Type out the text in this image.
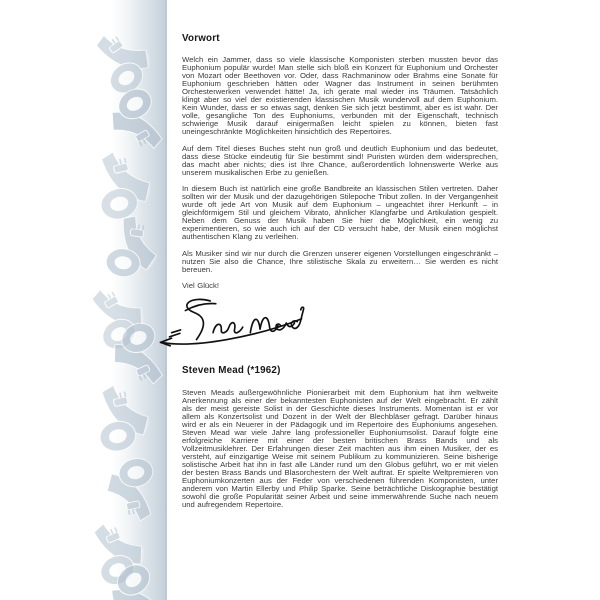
Vorwort

Welch ein Jammer, dass so viele klassische Komponisten sterben mussten bevor das Euphonium populär wurde! Man stelle sich bloß ein Konzert für Euphonium und Orchester von Mozart oder Beethoven vor. Oder, dass Rachmaninow oder Brahms eine Sonate für Euphonium geschrieben hätten oder Wagner das Instrument in seinen berühmten Orchesterwerken verwendet hätte! Ja, ich gerate mal wieder ins Träumen. Tatsächlich klingt aber so viel der existierenden klassischen Musik wundervoll auf dem Euphonium. Kein Wunder, dass er so etwas sagt, denken Sie sich jetzt bestimmt, aber es ist wahr. Der volle, gesangliche Ton des Euphoniums, verbunden mit der Eigenschaft, technisch schwierige Musik darauf einigermaßen leicht spielen zu können, bieten fast uneingeschränkte Möglichkeiten hinsichtlich des Repertoires.

Auf dem Titel dieses Buches steht nun groß und deutlich Euphonium und das bedeutet, dass diese Stücke eindeutig für Sie bestimmt sind! Puristen würden dem widersprechen, das macht aber nichts; dies ist Ihre Chance, außerordentlich lohnenswerte Werke aus unserem musikalischen Erbe zu genießen.

In diesem Buch ist natürlich eine große Bandbreite an klassischen Stilen vertreten. Daher sollten wir der Musik und der dazugehörigen Stilepoche Tribut zollen. In der Vergangenheit wurde oft jede Art von Musik auf dem Euphonium – ungeachtet ihrer Herkunft – in gleichförmigem Stil und gleichem Vibrato, ähnlicher Klangfarbe und Artikulation gespielt. Neben dem Genuss der Musik haben Sie hier die Möglichkeit, ein wenig zu experimentieren, so wie auch ich auf der CD versucht habe, der Musik einen möglichst authentischen Klang zu verleihen.

Als Musiker sind wir nur durch die Grenzen unserer eigenen Vorstellungen eingeschränkt – nutzen Sie also die Chance, Ihre stilistische Skala zu erweitern… Sie werden es nicht bereuen.

Viel Glück!

Steven Mead (*1962)

Steven Meads außergewöhnliche Pionierarbeit mit dem Euphonium hat ihm weltweite Anerkennung als einer der bekanntesten Euphonisten auf der Welt eingebracht. Er zählt als der meist gereiste Solist in der Geschichte dieses Instruments. Momentan ist er vor allem als Konzertsolist und Dozent in der Welt der Blechbläser gefragt. Darüber hinaus wird er als ein Neuerer in der Pädagogik und im Repertoire des Euphoniums angesehen. Steven Mead war viele Jahre lang professioneller Euphoniumsolist. Darauf folgte eine erfolgreiche Karriere mit einer der besten britischen Brass Bands und als Vollzeitmusiklehrer. Der Erfahrungen dieser Zeit machten aus ihm einen Musiker, der es versteht, auf einzigartige Weise mit seinem Publikum zu kommunizieren. Seine bisherige solistische Arbeit hat ihn in fast alle Länder rund um den Globus geführt, wo er mit vielen der besten Brass Bands und Blasorchestern der Welt auftrat. Er spielte Weltpremieren von Euphoniumkonzerten aus der Feder von verschiedenen führenden Komponisten, unter anderem von Martin Ellerby und Philip Sparke. Seine beträchtliche Diskographie bestätigt sowohl die große Popularität seiner Arbeit und seine immerwährende Suche nach neuem und aufregendem Repertoire.
